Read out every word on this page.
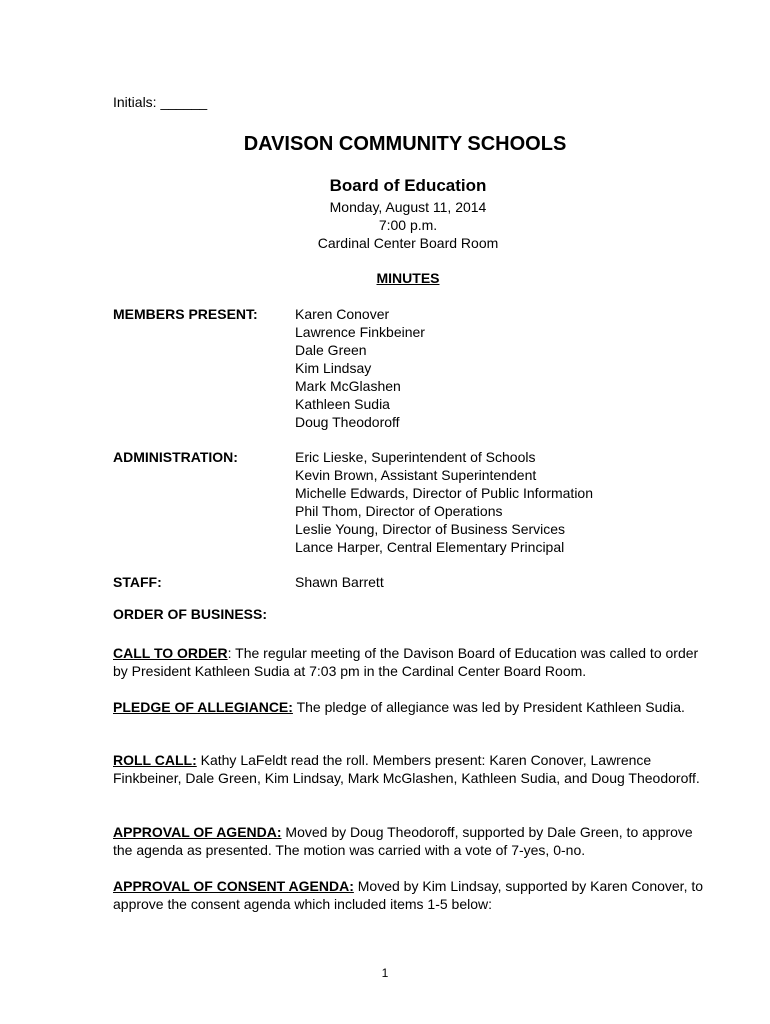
Initials: ______
DAVISON COMMUNITY SCHOOLS
Board of Education
Monday, August 11, 2014
7:00 p.m.
Cardinal Center Board Room
MINUTES
MEMBERS PRESENT:	Karen Conover
Lawrence Finkbeiner
Dale Green
Kim Lindsay
Mark McGlashen
Kathleen Sudia
Doug Theodoroff
ADMINISTRATION:	Eric Lieske, Superintendent of Schools
Kevin Brown, Assistant Superintendent
Michelle Edwards, Director of Public Information
Phil Thom, Director of Operations
Leslie Young, Director of Business Services
Lance Harper, Central Elementary Principal
STAFF:	Shawn Barrett
ORDER OF BUSINESS:
CALL TO ORDER: The regular meeting of the Davison Board of Education was called to order by President Kathleen Sudia at 7:03 pm in the Cardinal Center Board Room.
PLEDGE OF ALLEGIANCE: The pledge of allegiance was led by President Kathleen Sudia.
ROLL CALL: Kathy LaFeldt read the roll. Members present: Karen Conover, Lawrence Finkbeiner, Dale Green, Kim Lindsay, Mark McGlashen, Kathleen Sudia, and Doug Theodoroff.
APPROVAL OF AGENDA: Moved by Doug Theodoroff, supported by Dale Green, to approve the agenda as presented. The motion was carried with a vote of 7-yes, 0-no.
APPROVAL OF CONSENT AGENDA: Moved by Kim Lindsay, supported by Karen Conover, to approve the consent agenda which included items 1-5 below:
1
